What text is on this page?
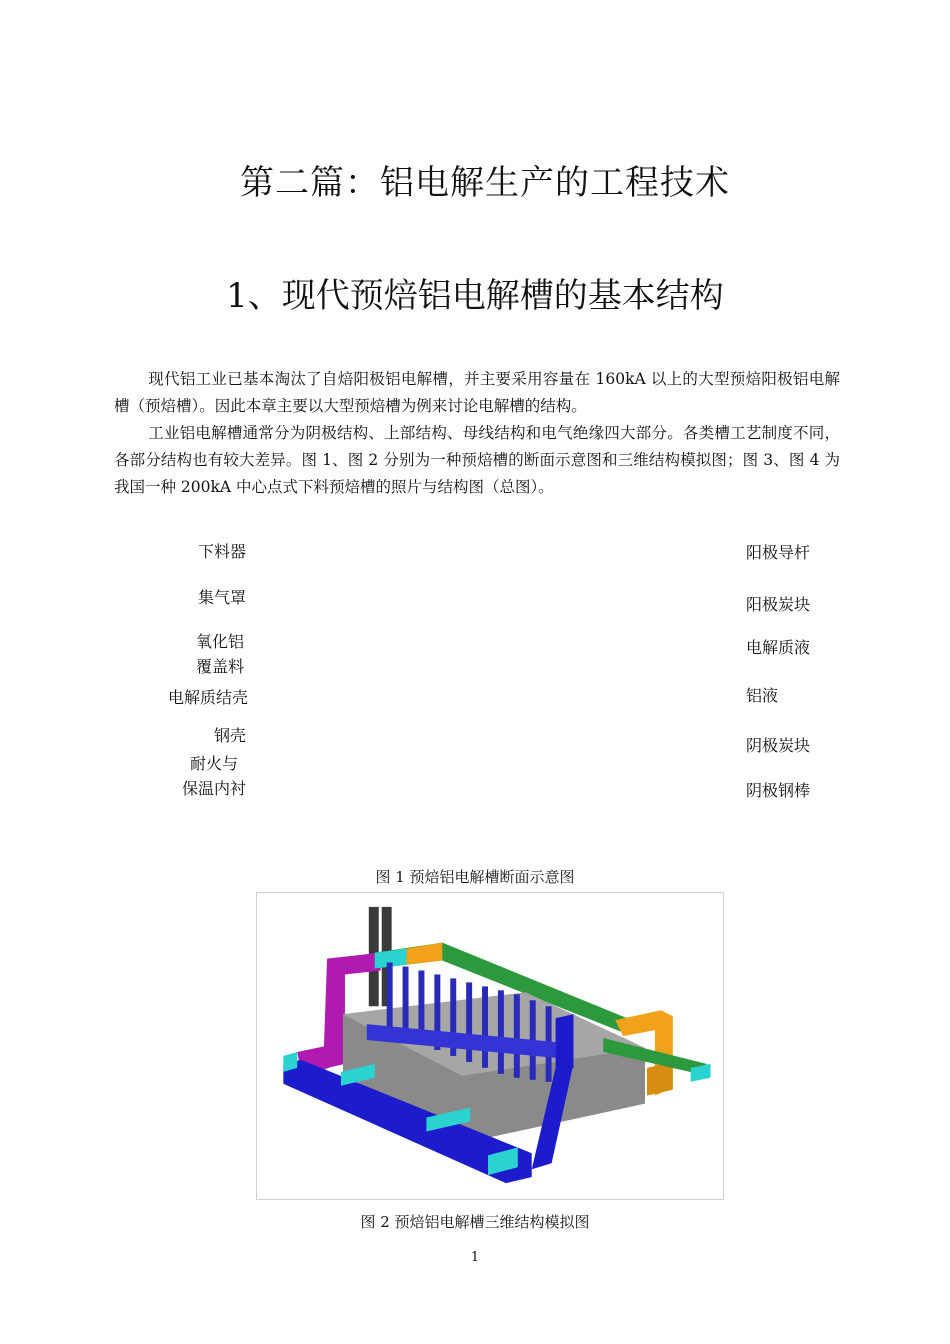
第二篇：铝电解生产的工程技术
1、现代预焙铝电解槽的基本结构
现代铝工业已基本淘汰了自焙阳极铝电解槽，并主要采用容量在 160kA 以上的大型预焙阳极铝电解槽（预焙槽）。因此本章主要以大型预焙槽为例来讨论电解槽的结构。
工业铝电解槽通常分为阴极结构、上部结构、母线结构和电气绝缘四大部分。各类槽工艺制度不同，各部分结构也有较大差异。图 1、图 2 分别为一种预焙槽的断面示意图和三维结构模拟图；图 3、图 4 为我国一种 200kA 中心点式下料预焙槽的照片与结构图（总图）。
下料器
集气罩
氧化铝
覆盖料
电解质结壳
钢壳
耐火与
保温内衬
阳极导杆
阳极炭块
电解质液
铝液
阴极炭块
阴极钢棒
图 1 预焙铝电解槽断面示意图
图 2 预焙铝电解槽三维结构模拟图
1
